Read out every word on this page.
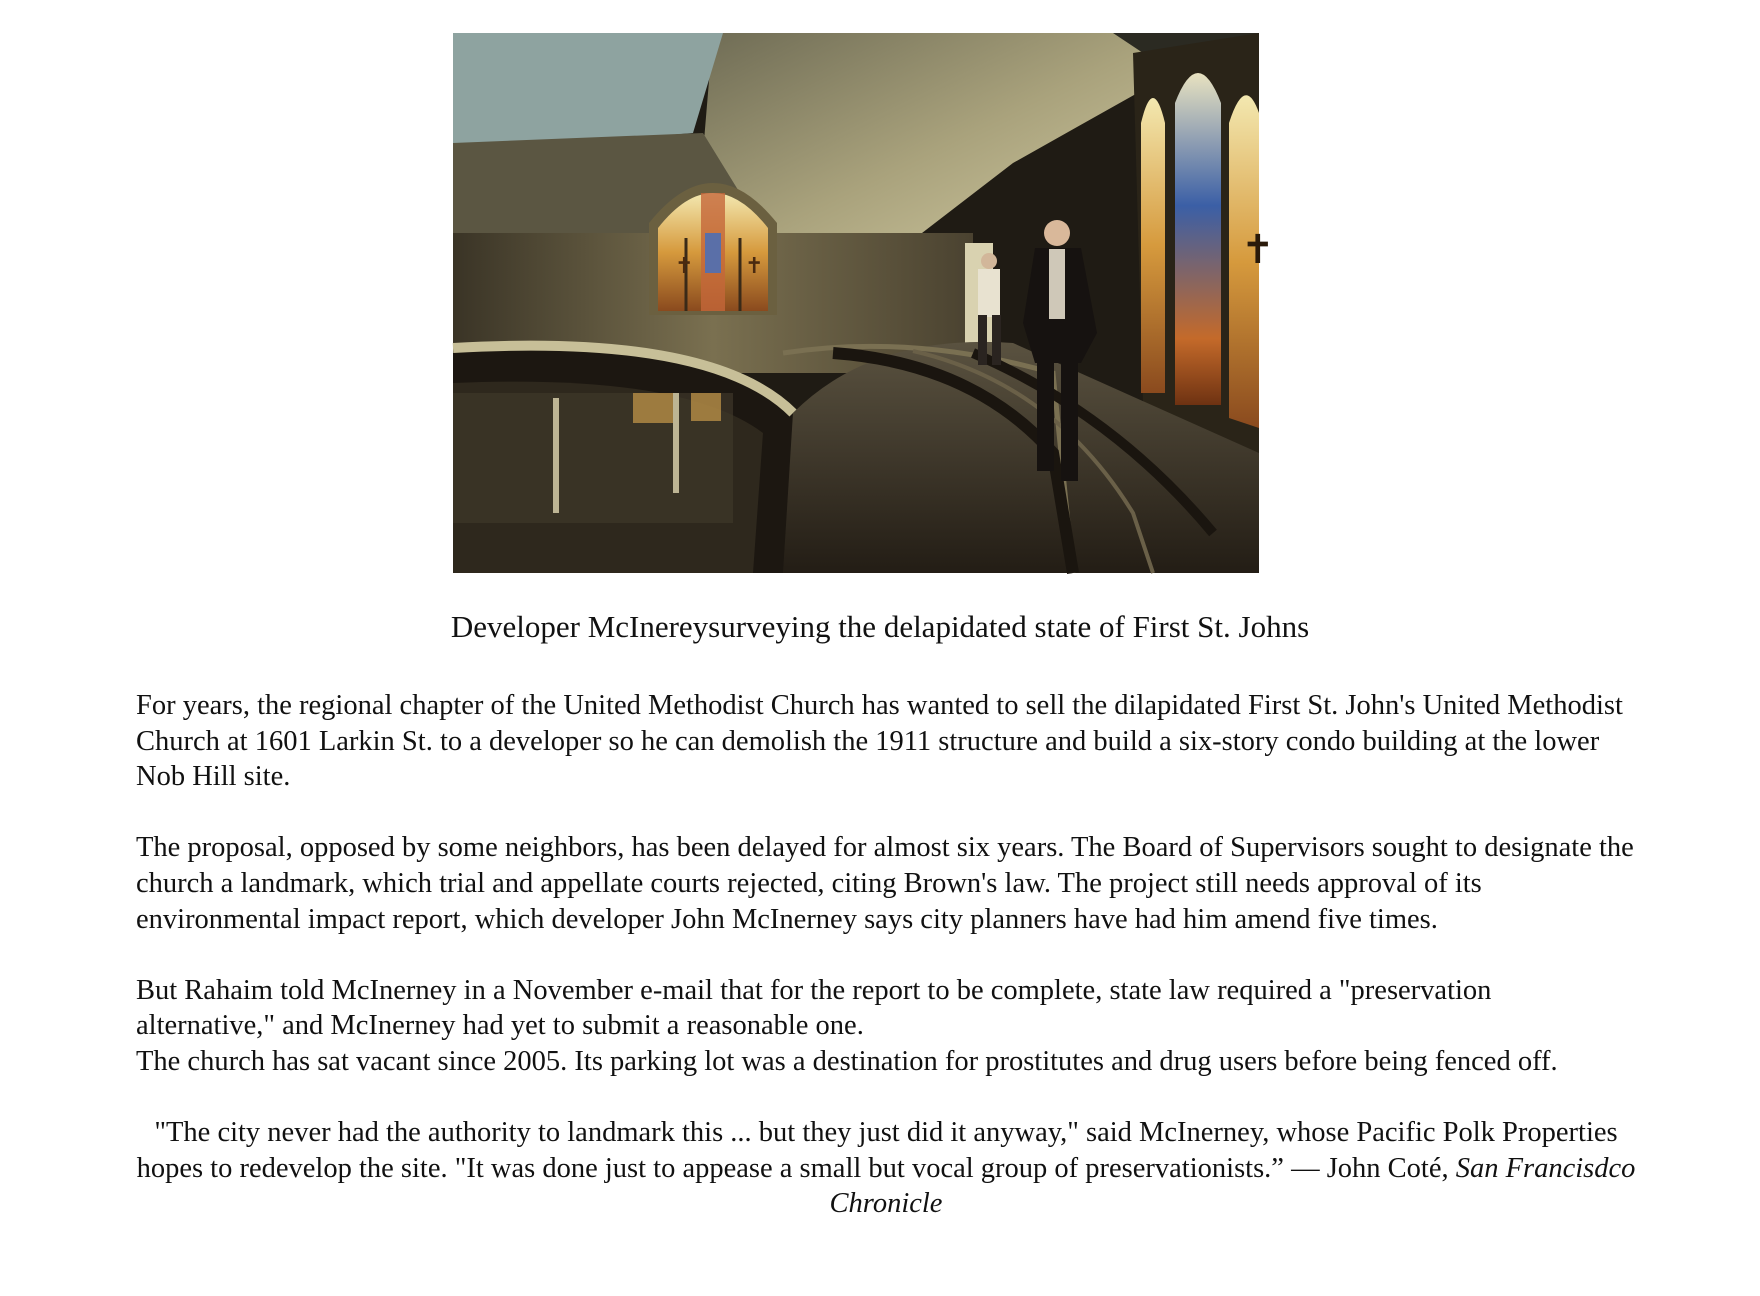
✝ ✝	✝

Developer McInereysurveying the delapidated state of First St. Johns

For years, the regional chapter of the United Methodist Church has wanted to sell the dilapidated First St. John's United Methodist Church at 1601 Larkin St. to a developer so he can demolish the 1911 structure and build a six-story condo building at the lower Nob Hill site.

The proposal, opposed by some neighbors, has been delayed for almost six years. The Board of Supervisors sought to designate the church a landmark, which trial and appellate courts rejected, citing Brown's law. The project still needs approval of its environmental impact report, which developer John McInerney says city planners have had him amend five times.

But Rahaim told McInerney in a November e-mail that for the report to be complete, state law required a "preservation alternative," and McInerney had yet to submit a reasonable one.

The church has sat vacant since 2005. Its parking lot was a destination for prostitutes and drug users before being fenced off.

"The city never had the authority to landmark this ... but they just did it anyway," said McInerney, whose Pacific Polk Properties hopes to redevelop the site. "It was done just to appease a small but vocal group of preservationists.” — John Coté, San Francisdco Chronicle
